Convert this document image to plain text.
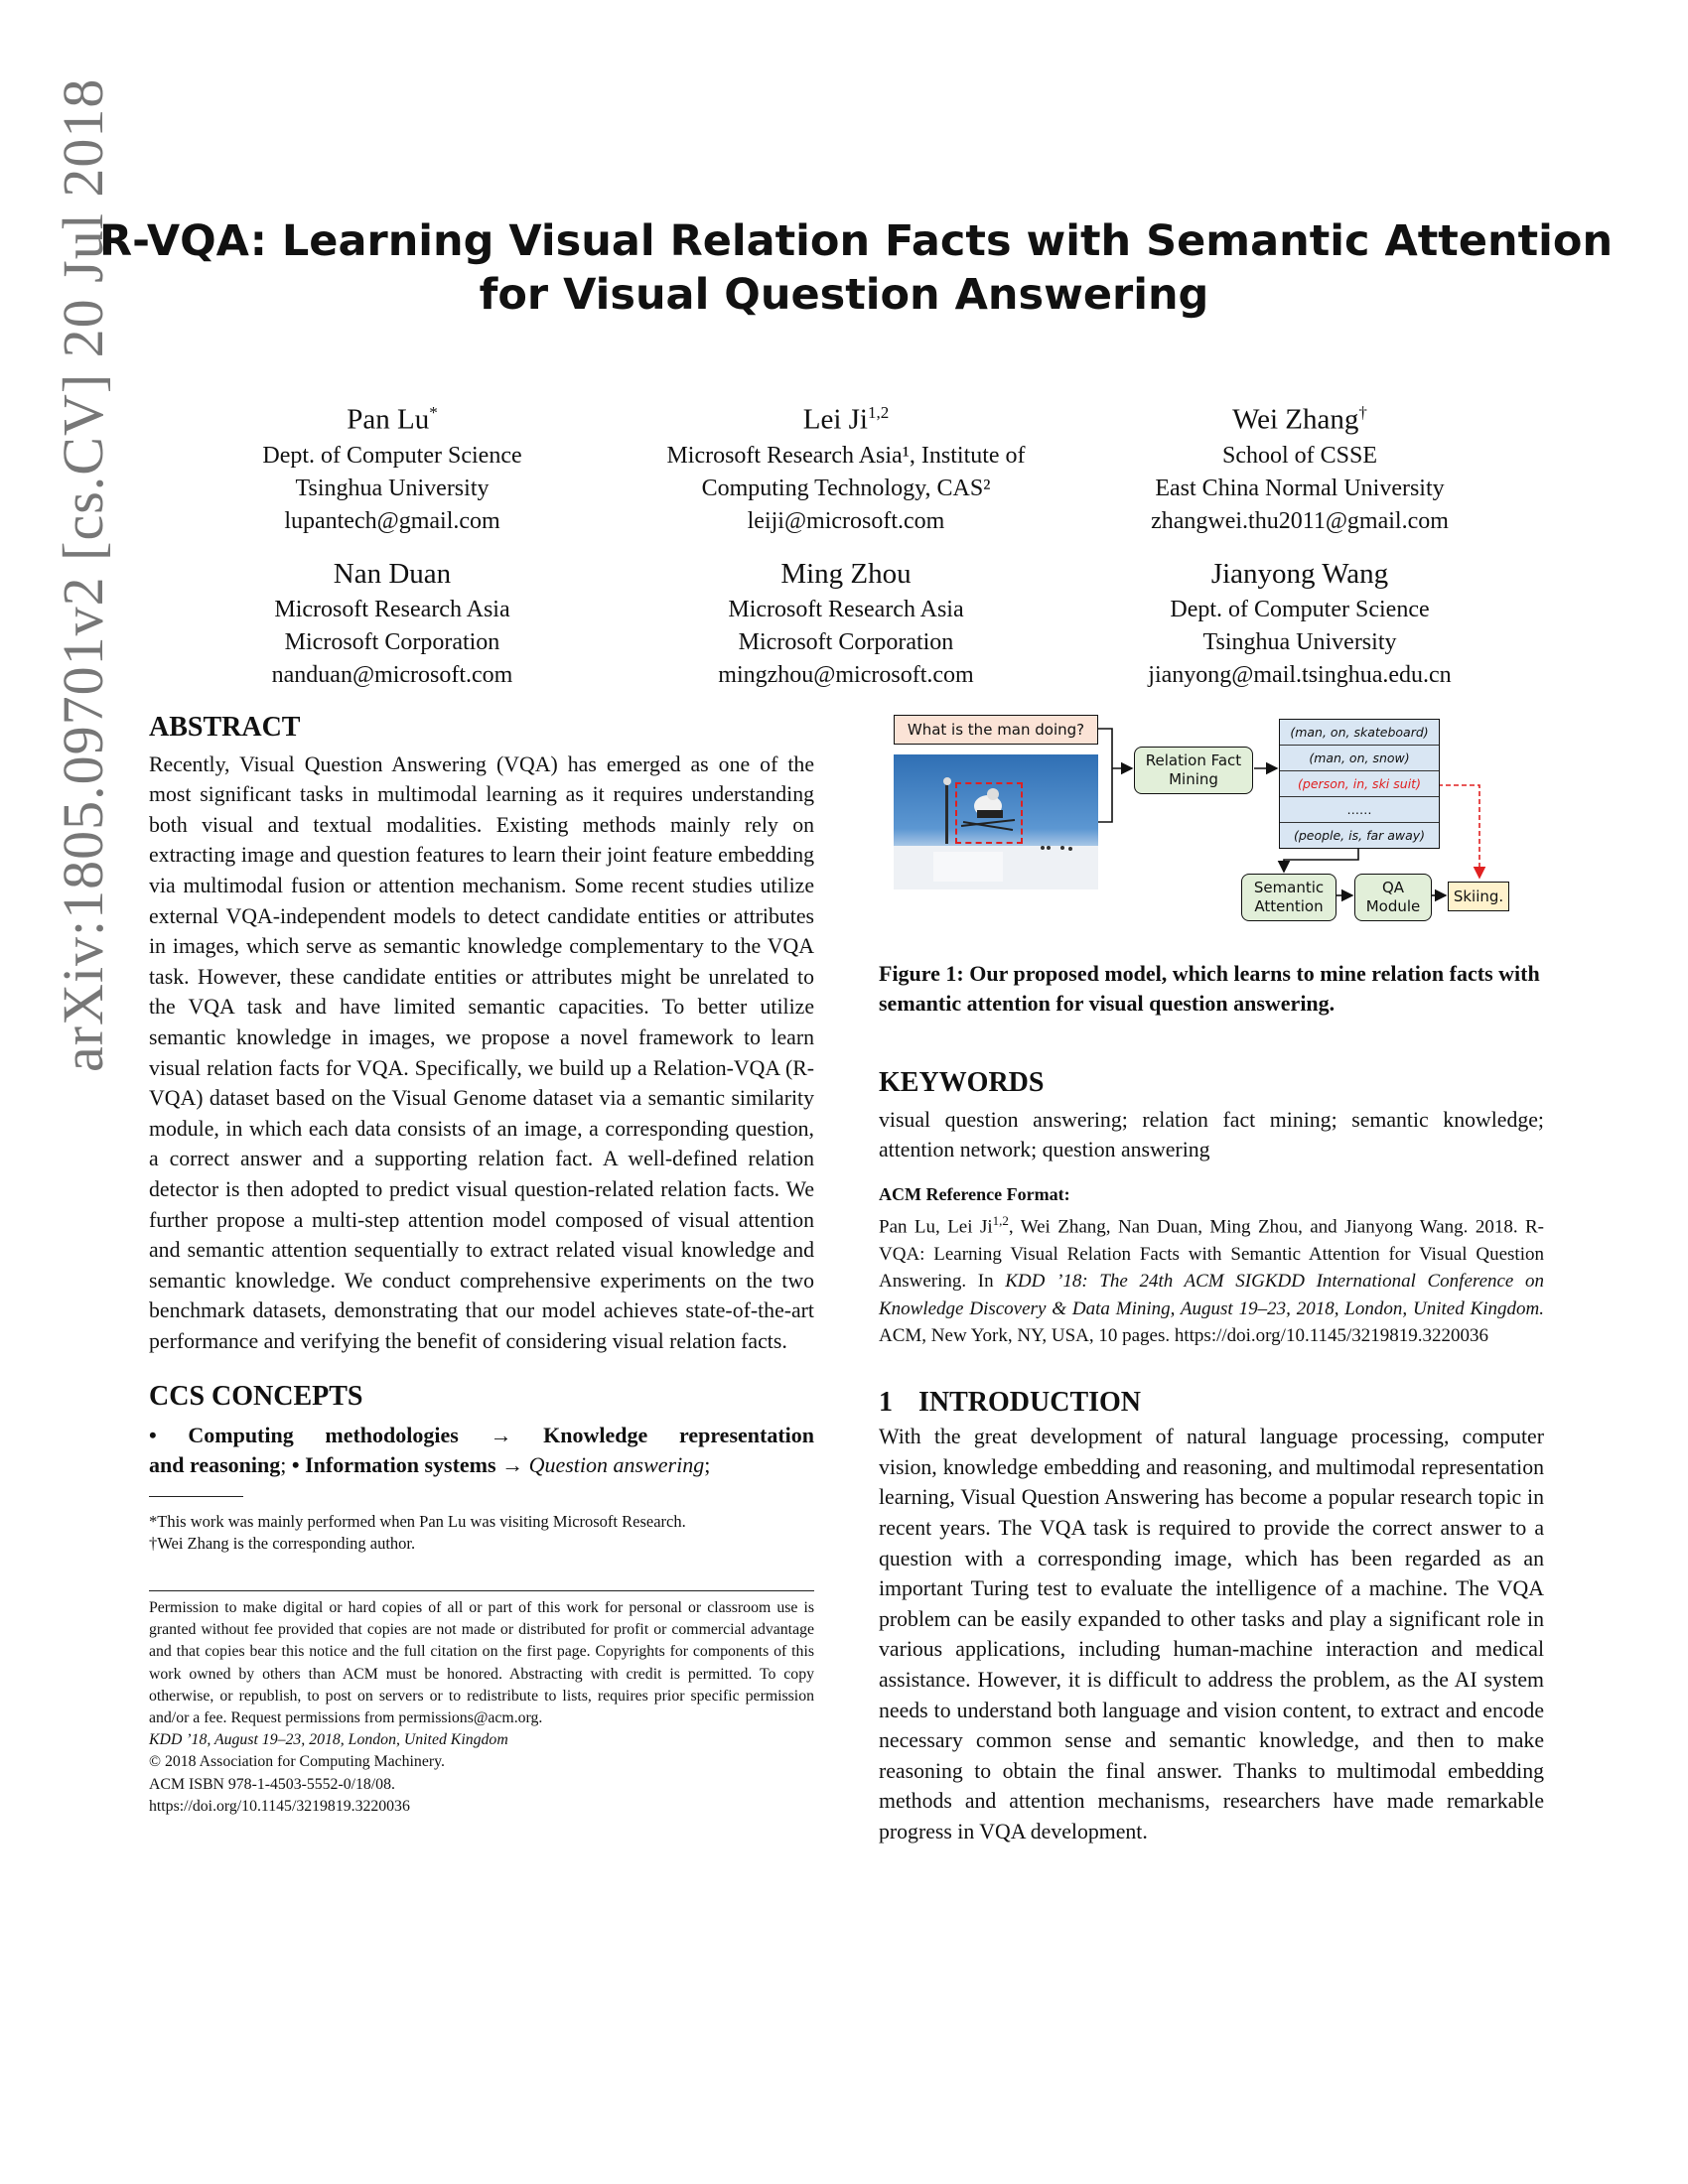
arXiv:1805.09701v2 [cs.CV] 20 Jul 2018
R-VQA: Learning Visual Relation Facts with Semantic Attention
for Visual Question Answering
Pan Lu*
Dept. of Computer Science
Tsinghua University
lupantech@gmail.com
Lei Ji$^{1,2}$
Microsoft Research Asia¹, Institute of
Computing Technology, CAS²
leiji@microsoft.com
Wei Zhang†
School of CSSE
East China Normal University
zhangwei.thu2011@gmail.com
Nan Duan
Microsoft Research Asia
Microsoft Corporation
nanduan@microsoft.com
Ming Zhou
Microsoft Research Asia
Microsoft Corporation
mingzhou@microsoft.com
Jianyong Wang
Dept. of Computer Science
Tsinghua University
jianyong@mail.tsinghua.edu.cn
ABSTRACT

Recently, Visual Question Answering (VQA) has emerged as one of the most significant tasks in multimodal learning as it requires understanding both visual and textual modalities. Existing methods mainly rely on extracting image and question features to learn their joint feature embedding via multimodal fusion or attention mechanism. Some recent studies utilize external VQA-independent models to detect candidate entities or attributes in images, which serve as semantic knowledge complementary to the VQA task. However, these candidate entities or attributes might be unrelated to the VQA task and have limited semantic capacities. To better utilize semantic knowledge in images, we propose a novel framework to learn visual relation facts for VQA. Specifically, we build up a Relation-VQA (R-VQA) dataset based on the Visual Genome dataset via a semantic similarity module, in which each data consists of an image, a corresponding question, a correct answer and a supporting relation fact. A well-defined relation detector is then adopted to predict visual question-related relation facts. We further propose a multi-step attention model composed of visual attention and semantic attention sequentially to extract related visual knowledge and semantic knowledge. We conduct comprehensive experiments on the two benchmark datasets, demonstrating that our model achieves state-of-the-art performance and verifying the benefit of considering visual relation facts.

CCS CONCEPTS
• Computing methodologies → Knowledge representation
and reasoning; • Information systems → Question answering;
*This work was mainly performed when Pan Lu was visiting Microsoft Research.
†Wei Zhang is the corresponding author.
Permission to make digital or hard copies of all or part of this work for personal or classroom use is granted without fee provided that copies are not made or distributed for profit or commercial advantage and that copies bear this notice and the full citation on the first page. Copyrights for components of this work owned by others than ACM must be honored. Abstracting with credit is permitted. To copy otherwise, or republish, to post on servers or to redistribute to lists, requires prior specific permission and/or a fee. Request permissions from permissions@acm.org.
KDD ’18, August 19–23, 2018, London, United Kingdom
© 2018 Association for Computing Machinery.
ACM ISBN 978-1-4503-5552-0/18/08.
https://doi.org/10.1145/3219819.3220036
What is the man doing?
Relation Fact Mining
(man, on, skateboard)
(man, on, snow)
(person, in, ski suit)
……
(people, is, far away)
Semantic Attention
QA Module
Skiing.
Figure 1: Our proposed model, which learns to mine relation facts with semantic attention for visual question answering.
KEYWORDS

visual question answering; relation fact mining; semantic knowledge; attention network; question answering

ACM Reference Format:

Pan Lu, Lei Ji$^{1,2}$, Wei Zhang, Nan Duan, Ming Zhou, and Jianyong Wang. 2018. R-VQA: Learning Visual Relation Facts with Semantic Attention for Visual Question Answering. In KDD ’18: The 24th ACM SIGKDD International Conference on Knowledge Discovery & Data Mining, August 19–23, 2018, London, United Kingdom. ACM, New York, NY, USA, 10 pages. https://doi.org/10.1145/3219819.3220036

1 INTRODUCTION

With the great development of natural language processing, computer vision, knowledge embedding and reasoning, and multimodal representation learning, Visual Question Answering has become a popular research topic in recent years. The VQA task is required to provide the correct answer to a question with a corresponding image, which has been regarded as an important Turing test to evaluate the intelligence of a machine. The VQA problem can be easily expanded to other tasks and play a significant role in various applications, including human-machine interaction and medical assistance. However, it is difficult to address the problem, as the AI system needs to understand both language and vision content, to extract and encode necessary common sense and semantic knowledge, and then to make reasoning to obtain the final answer. Thanks to multimodal embedding methods and attention mechanisms, researchers have made remarkable progress in VQA development.
